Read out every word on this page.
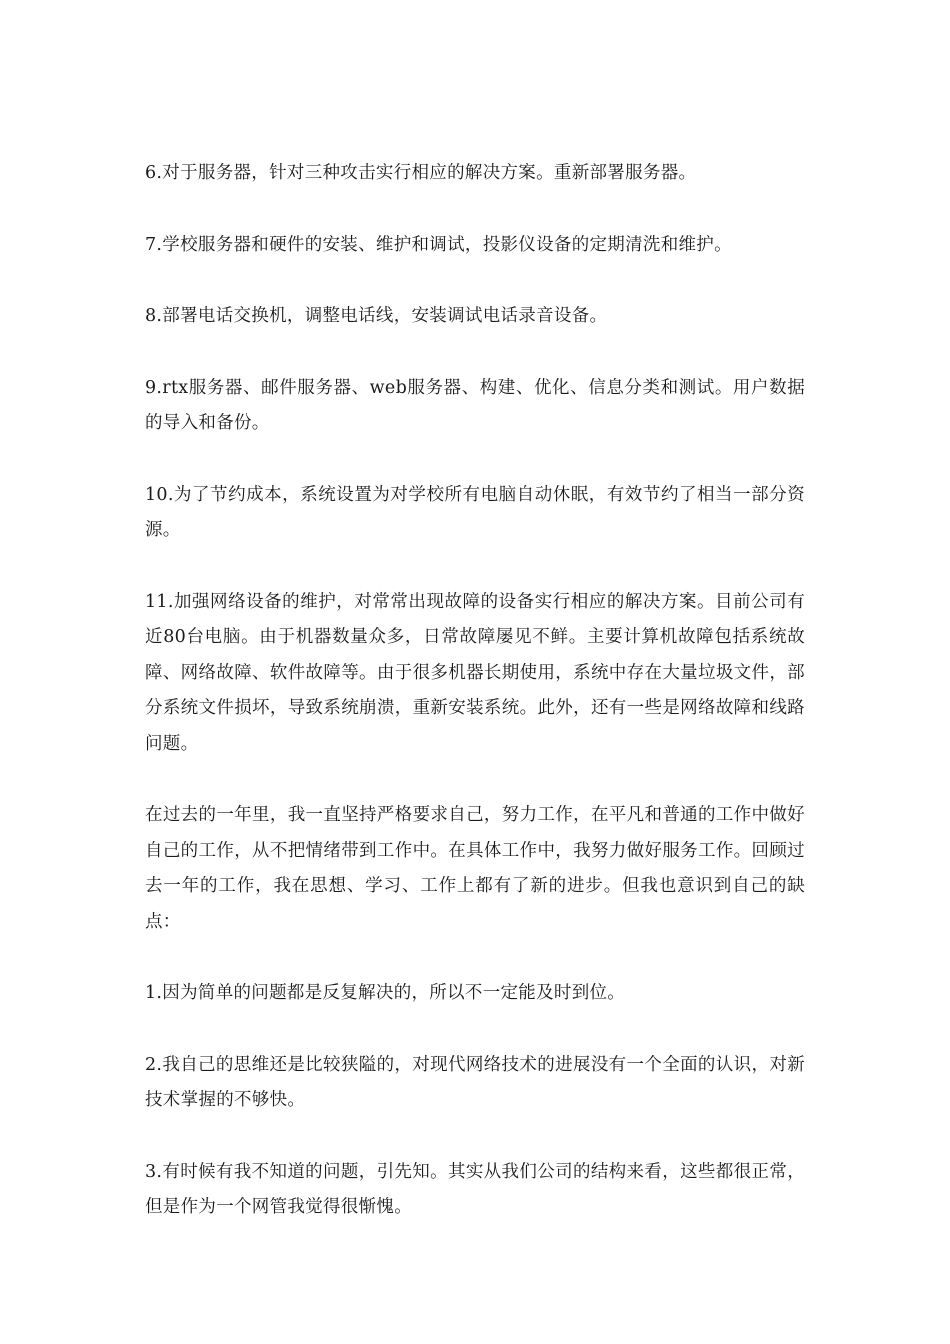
6.对于服务器，针对三种攻击实行相应的解决方案。重新部署服务器。

7.学校服务器和硬件的安装、维护和调试，投影仪设备的定期清洗和维护。

8.部署电话交换机，调整电话线，安装调试电话录音设备。

9.rtx服务器、邮件服务器、web服务器、构建、优化、信息分类和测试。用户数据的导入和备份。

10.为了节约成本，系统设置为对学校所有电脑自动休眠，有效节约了相当一部分资源。

11.加强网络设备的维护，对常常出现故障的设备实行相应的解决方案。目前公司有近80台电脑。由于机器数量众多，日常故障屡见不鲜。主要计算机故障包括系统故障、网络故障、软件故障等。由于很多机器长期使用，系统中存在大量垃圾文件，部分系统文件损坏，导致系统崩溃，重新安装系统。此外，还有一些是网络故障和线路问题。

在过去的一年里，我一直坚持严格要求自己，努力工作，在平凡和普通的工作中做好自己的工作，从不把情绪带到工作中。在具体工作中，我努力做好服务工作。回顾过去一年的工作，我在思想、学习、工作上都有了新的进步。但我也意识到自己的缺点：

1.因为简单的问题都是反复解决的，所以不一定能及时到位。

2.我自己的思维还是比较狭隘的，对现代网络技术的进展没有一个全面的认识，对新技术掌握的不够快。

3.有时候有我不知道的问题，引先知。其实从我们公司的结构来看，这些都很正常，但是作为一个网管我觉得很惭愧。
